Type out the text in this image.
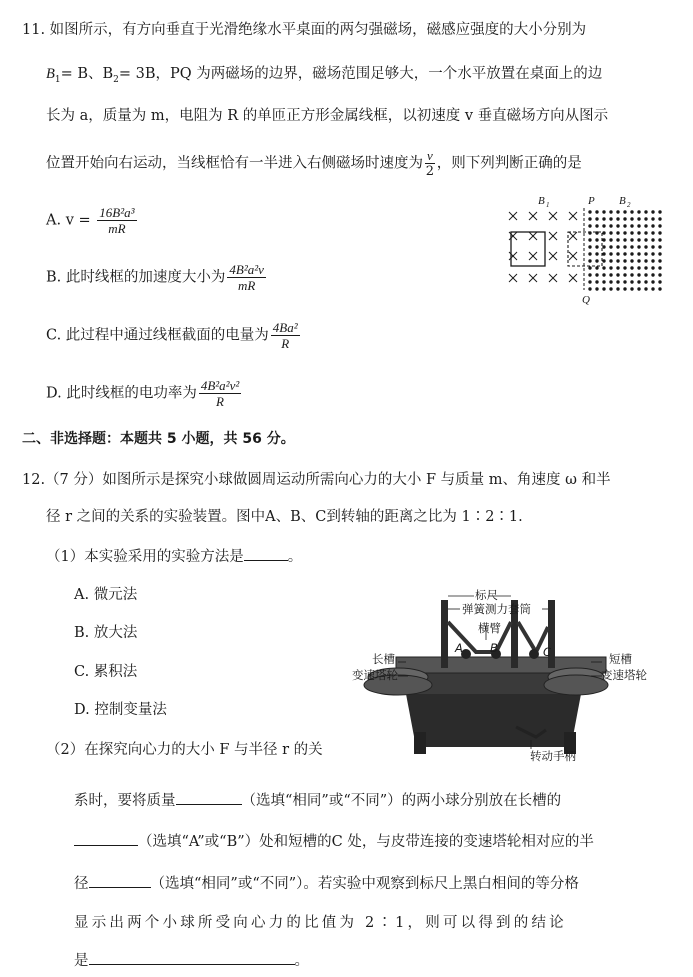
11. 如图所示，有方向垂直于光滑绝缘水平桌面的两匀强磁场，磁感应强度的大小分别为
$B_1= B$、$B_2= 3B$，PQ 为两磁场的边界，磁场范围足够大，一个水平放置在桌面上的边
长为 a，质量为 m，电阻为 R 的单匝正方形金属线框，以初速度 v 垂直磁场方向从图示
位置开始向右运动，当线框恰有一半进入右侧磁场时速度为 $\frac{v}{2}$ ，则下列判断正确的是
A. $v = \frac{\text{16B²a³}}{mR}$
B. 此时线框的加速度大小为 $\frac{\text{4B²a²v}}{mR}$
C. 此过程中通过线框截面的电量为 $\frac{\text{4Ba²}}{R}$
D. 此时线框的电功率为 $\frac{\text{4B²a²v²}}{R}$
B 1	P B 2
Q
二、非选择题：本题共 5 小题，共 56 分。
12.（7 分）如图所示是探究小球做圆周运动所需向心力的大小 F 与质量 m、角速度 ω 和半
径 r 之间的关系的实验装置。图中A、B、C到转轴的距离之比为 1∶2∶1.
（1）本实验采用的实验方法是	。
A. 微元法
B. 放大法
C. 累积法
D. 控制变量法
（2）在探究向心力的大小 F 与半径 r 的关
系时，要将质量	（选填“相同”或“不同”）的两小球分别放在长槽的
（选填“A”或“B”）处和短槽的C 处，与皮带连接的变速塔轮相对应的半
径	（选填“相同”或“不同”）。若实验中观察到标尺上黑白相间的等分格
显示出两个小球所受向心力的比值为 2∶1，则可以得到的结论
是	。
标尺
弹簧测力套筒
横臂
长槽
变速塔轮
短槽
变速塔轮
转动手柄
A B	C
